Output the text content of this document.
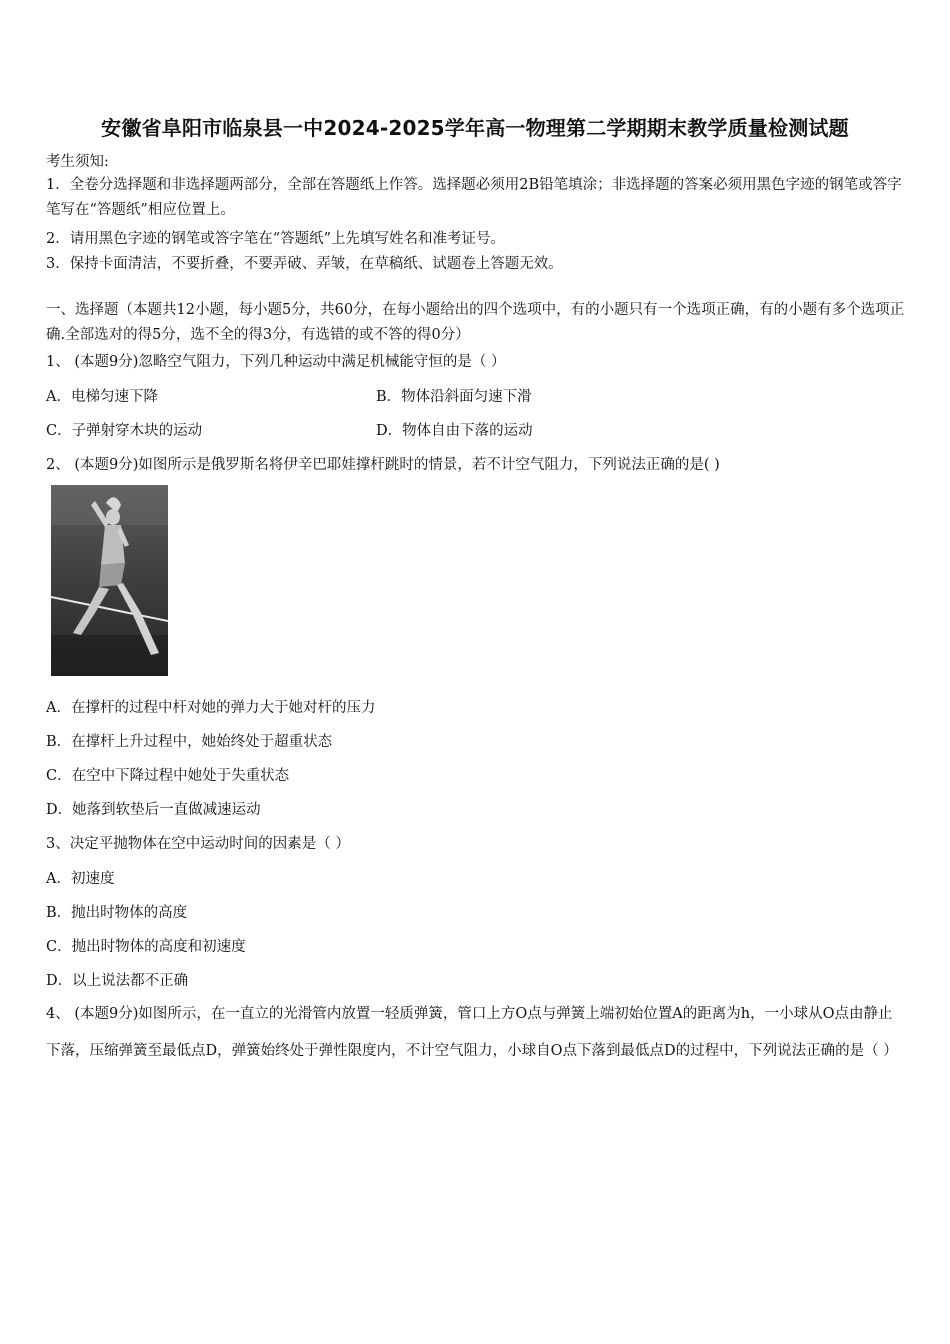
安徽省阜阳市临泉县一中2024-2025学年高一物理第二学期期末教学质量检测试题
考生须知:
1．全卷分选择题和非选择题两部分，全部在答题纸上作答。选择题必须用2B铅笔填涂；非选择题的答案必须用黑色字迹的钢笔或答字笔写在“答题纸”相应位置上。
2．请用黑色字迹的钢笔或答字笔在“答题纸”上先填写姓名和准考证号。
3．保持卡面清洁，不要折叠，不要弄破、弄皱，在草稿纸、试题卷上答题无效。
一、选择题（本题共12小题，每小题5分，共60分，在每小题给出的四个选项中，有的小题只有一个选项正确，有的小题有多个选项正确.全部选对的得5分，选不全的得3分，有选错的或不答的得0分）
1、 (本题9分)忽略空气阻力，下列几种运动中满足机械能守恒的是（ ）
A．电梯匀速下降	B．物体沿斜面匀速下滑
C．子弹射穿木块的运动	D．物体自由下落的运动
2、 (本题9分)如图所示是俄罗斯名将伊辛巴耶娃撑杆跳时的情景，若不计空气阻力，下列说法正确的是( )
A．在撑杆的过程中杆对她的弹力大于她对杆的压力
B．在撑杆上升过程中，她始终处于超重状态
C．在空中下降过程中她处于失重状态
D．她落到软垫后一直做减速运动
3、决定平抛物体在空中运动时间的因素是（ ）
A．初速度
B．抛出时物体的高度
C．抛出时物体的高度和初速度
D．以上说法都不正确
4、 (本题9分)如图所示，在一直立的光滑管内放置一轻质弹簧，管口上方O点与弹簧上端初始位置A的距离为h，一小球从O点由静止下落，压缩弹簧至最低点D，弹簧始终处于弹性限度内，不计空气阻力，小球自O点下落到最低点D的过程中，下列说法正确的是（ ）
